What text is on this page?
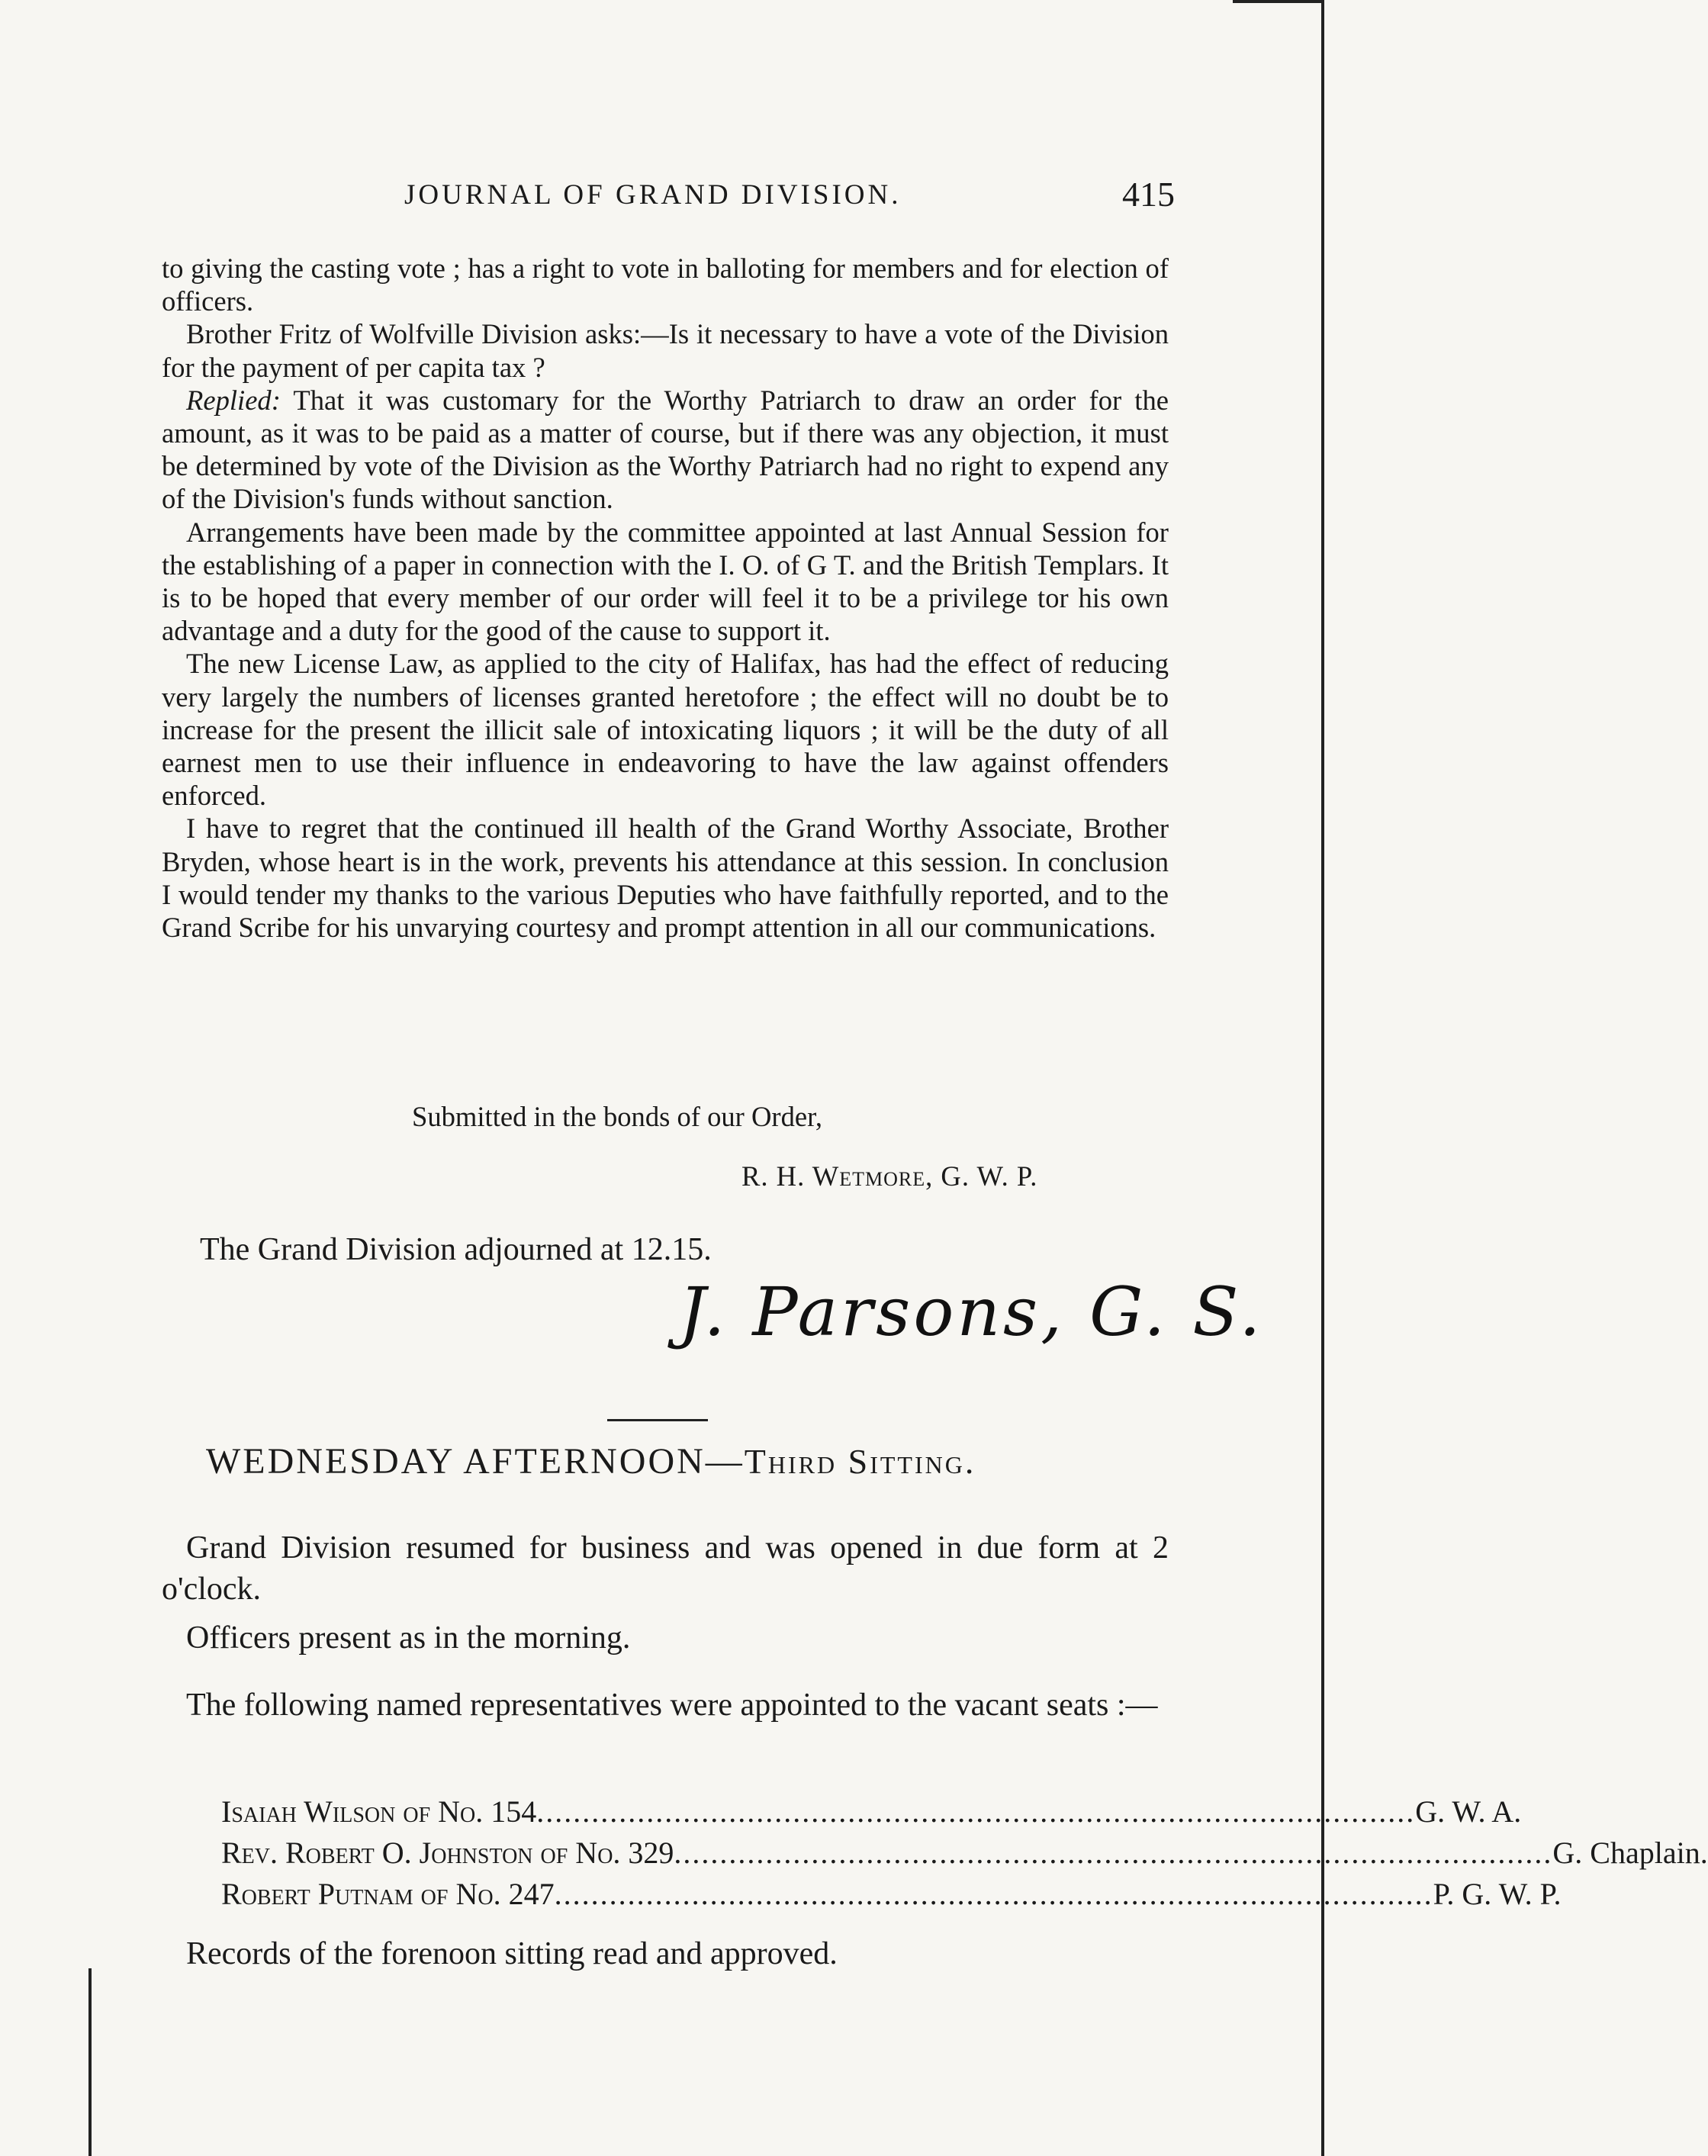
JOURNAL OF GRAND DIVISION.	415

to giving the casting vote ; has a right to vote in balloting for members and for election of officers.

Brother Fritz of Wolfville Division asks:—Is it necessary to have a vote of the Division for the payment of per capita tax ?

Replied: That it was customary for the Worthy Patriarch to draw an order for the amount, as it was to be paid as a matter of course, but if there was any objection, it must be determined by vote of the Division as the Worthy Patriarch had no right to expend any of the Division's funds without sanction.

Arrangements have been made by the committee appointed at last Annual Session for the establishing of a paper in connection with the I. O. of G T. and the British Templars. It is to be hoped that every member of our order will feel it to be a privilege tor his own advantage and a duty for the good of the cause to support it.

The new License Law, as applied to the city of Halifax, has had the effect of reducing very largely the numbers of licenses granted heretofore ; the effect will no doubt be to increase for the present the illicit sale of intoxicating liquors ; it will be the duty of all earnest men to use their influence in endeavoring to have the law against offenders enforced.

I have to regret that the continued ill health of the Grand Worthy Associate, Brother Bryden, whose heart is in the work, prevents his attendance at this session. In conclusion I would tender my thanks to the various Deputies who have faithfully reported, and to the Grand Scribe for his unvarying courtesy and prompt attention in all our communications.

Submitted in the bonds of our Order,
R. H. Wetmore, G. W. P.
The Grand Division adjourned at 12.15.
J. Parsons, G. S.
WEDNESDAY AFTERNOON—Third Sitting.

Grand Division resumed for business and was opened in due form at 2 o'clock.

Officers present as in the morning.

The following named representatives were appointed to the vacant seats :—

Isaiah Wilson of No. 154 ................................................................................................ G. W. A.
Rev. Robert O. Johnston of No. 329 ................................................................................................ G. Chaplain.
Robert Putnam of No. 247 ................................................................................................ P. G. W. P.
Records of the forenoon sitting read and approved.
